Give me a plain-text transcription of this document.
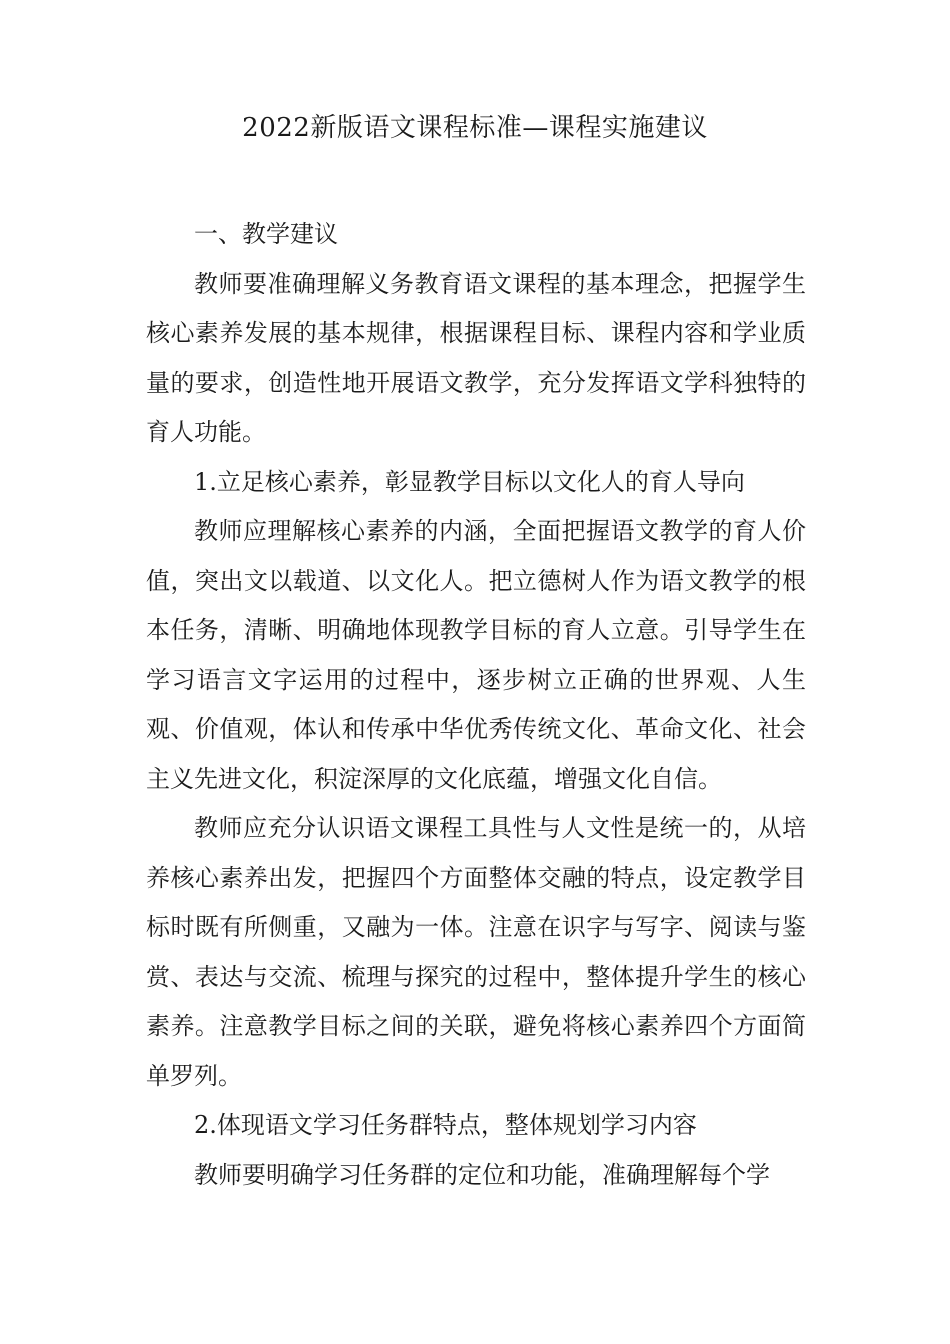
2022新版语文课程标准—课程实施建议

一、教学建议

教师要准确理解义务教育语文课程的基本理念，把握学生核心素养发展的基本规律，根据课程目标、课程内容和学业质量的要求，创造性地开展语文教学，充分发挥语文学科独特的育人功能。

1.立足核心素养，彰显教学目标以文化人的育人导向

教师应理解核心素养的内涵，全面把握语文教学的育人价值，突出文以载道、以文化人。把立德树人作为语文教学的根本任务，清晰、明确地体现教学目标的育人立意。引导学生在学习语言文字运用的过程中，逐步树立正确的世界观、人生观、价值观，体认和传承中华优秀传统文化、革命文化、社会主义先进文化，积淀深厚的文化底蕴，增强文化自信。

教师应充分认识语文课程工具性与人文性是统一的，从培养核心素养出发，把握四个方面整体交融的特点，设定教学目标时既有所侧重，又融为一体。注意在识字与写字、阅读与鉴赏、表达与交流、梳理与探究的过程中，整体提升学生的核心素养。注意教学目标之间的关联，避免将核心素养四个方面简单罗列。

2.体现语文学习任务群特点，整体规划学习内容

教师要明确学习任务群的定位和功能，准确理解每个学
